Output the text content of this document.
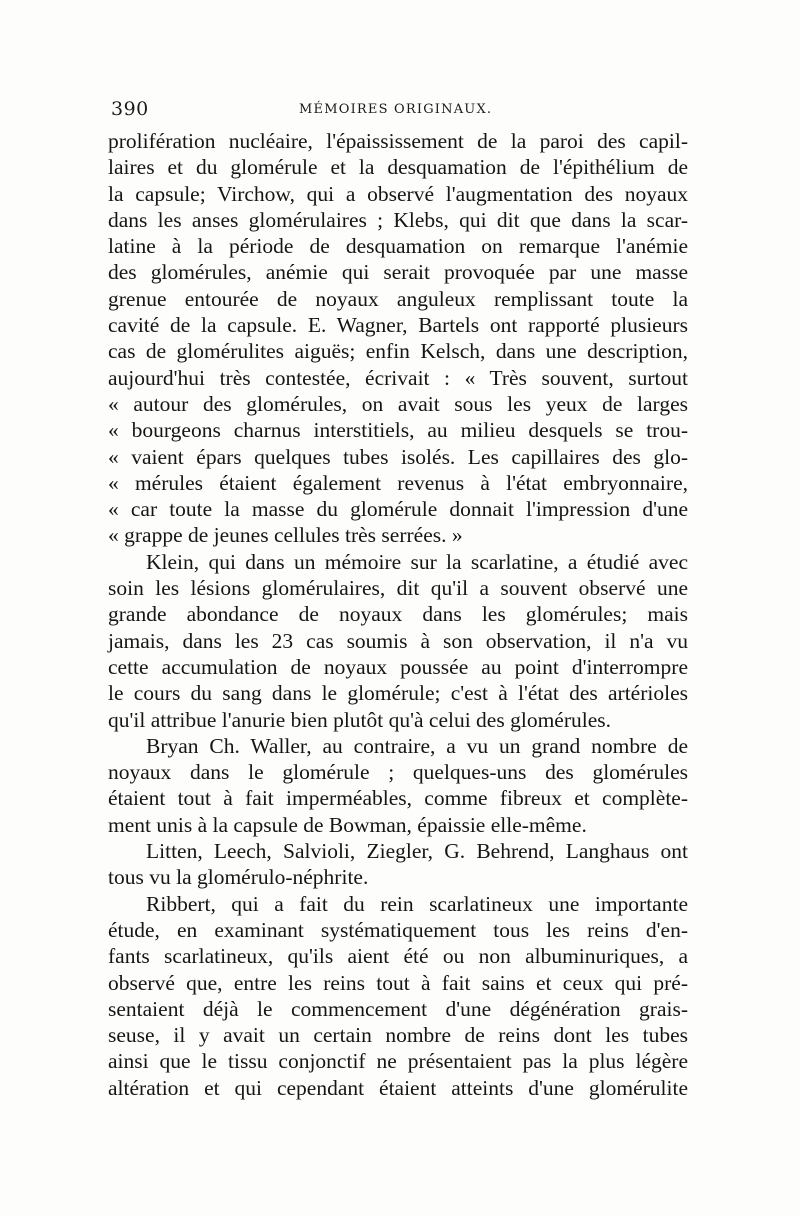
390	MÉMOIRES ORIGINAUX.
prolifération nucléaire, l'épaississement de la paroi des capil-
laires et du glomérule et la desquamation de l'épithélium de
la capsule; Virchow, qui a observé l'augmentation des noyaux
dans les anses glomérulaires ; Klebs, qui dit que dans la scar-
latine à la période de desquamation on remarque l'anémie
des glomérules, anémie qui serait provoquée par une masse
grenue entourée de noyaux anguleux remplissant toute la
cavité de la capsule. E. Wagner, Bartels ont rapporté plusieurs
cas de glomérulites aiguës; enfin Kelsch, dans une description,
aujourd'hui très contestée, écrivait : « Très souvent, surtout
« autour des glomérules, on avait sous les yeux de larges
« bourgeons charnus interstitiels, au milieu desquels se trou-
« vaient épars quelques tubes isolés. Les capillaires des glo-
« mérules étaient également revenus à l'état embryonnaire,
« car toute la masse du glomérule donnait l'impression d'une
« grappe de jeunes cellules très serrées. »
Klein, qui dans un mémoire sur la scarlatine, a étudié avec
soin les lésions glomérulaires, dit qu'il a souvent observé une
grande abondance de noyaux dans les glomérules; mais
jamais, dans les 23 cas soumis à son observation, il n'a vu
cette accumulation de noyaux poussée au point d'interrompre
le cours du sang dans le glomérule; c'est à l'état des artérioles
qu'il attribue l'anurie bien plutôt qu'à celui des glomérules.
Bryan Ch. Waller, au contraire, a vu un grand nombre de
noyaux dans le glomérule ; quelques-uns des glomérules
étaient tout à fait imperméables, comme fibreux et complète-
ment unis à la capsule de Bowman, épaissie elle-même.
Litten, Leech, Salvioli, Ziegler, G. Behrend, Langhaus ont
tous vu la glomérulo-néphrite.
Ribbert, qui a fait du rein scarlatineux une importante
étude, en examinant systématiquement tous les reins d'en-
fants scarlatineux, qu'ils aient été ou non albuminuriques, a
observé que, entre les reins tout à fait sains et ceux qui pré-
sentaient déjà le commencement d'une dégénération grais-
seuse, il y avait un certain nombre de reins dont les tubes
ainsi que le tissu conjonctif ne présentaient pas la plus légère
altération et qui cependant étaient atteints d'une glomérulite
